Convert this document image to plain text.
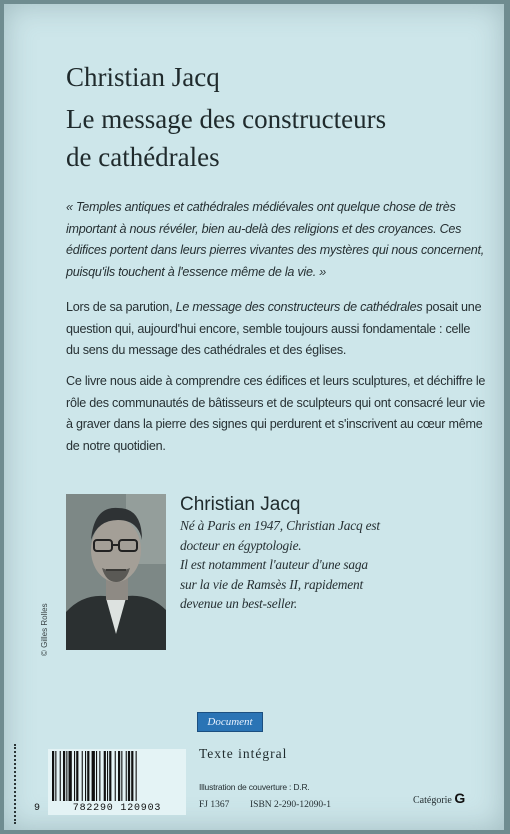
Christian Jacq
Le message des constructeurs
de cathédrales
« Temples antiques et cathédrales médiévales ont quelque chose de très important à nous révéler, bien au-delà des religions et des croyances. Ces édifices portent dans leurs pierres vivantes des mystères qui nous concernent, puisqu'ils touchent à l'essence même de la vie. »
Lors de sa parution, Le message des constructeurs de cathédrales posait une question qui, aujourd'hui encore, semble toujours aussi fondamentale : celle du sens du message des cathédrales et des églises.
Ce livre nous aide à comprendre ces édifices et leurs sculptures, et déchiffre le rôle des communautés de bâtisseurs et de sculpteurs qui ont consacré leur vie à graver dans la pierre des signes qui perdurent et s'inscrivent au cœur même de notre quotidien.
© Gilles Rolles
Christian Jacq
Né à Paris en 1947, Christian Jacq est
docteur en égyptologie.
Il est notamment l'auteur d'une saga
sur la vie de Ramsès II, rapidement
devenue un best-seller.
Document
782290 120903
9
Texte intégral
Illustration de couverture : D.R.
FJ 1367 ISBN 2-290-12090-1	Catégorie G
